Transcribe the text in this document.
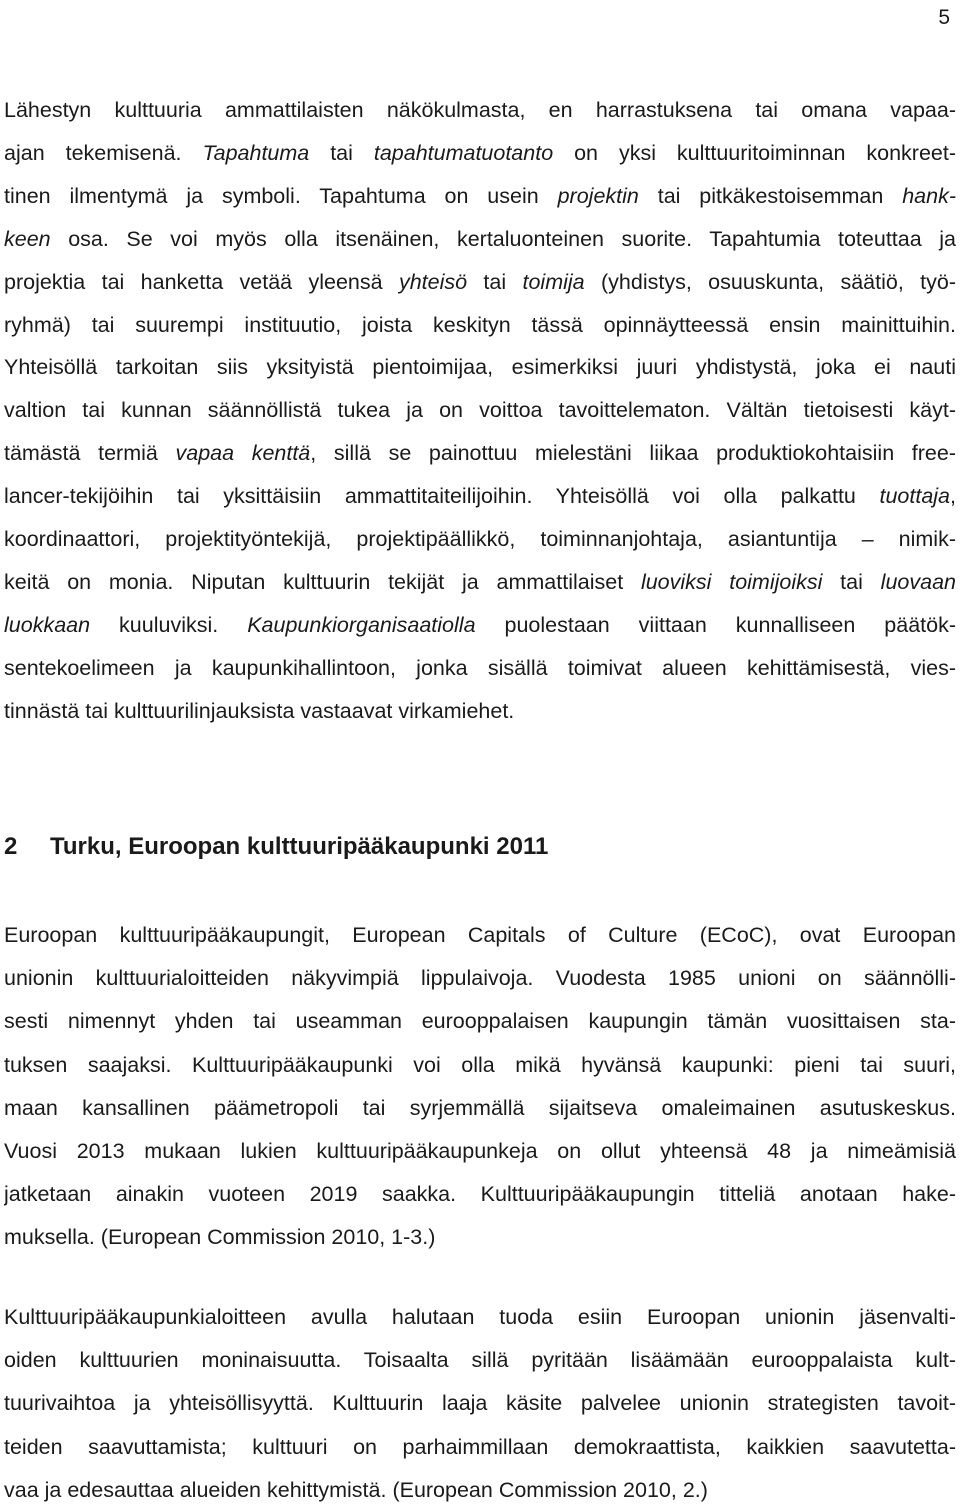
5
Lähestyn kulttuuria ammattilaisten näkökulmasta, en harrastuksena tai omana vapaa-
ajan tekemisenä. Tapahtuma tai tapahtumatuotanto on yksi kulttuuritoiminnan konkreet-
tinen ilmentymä ja symboli. Tapahtuma on usein projektin tai pitkäkestoisemman hank-
keen osa. Se voi myös olla itsenäinen, kertaluonteinen suorite. Tapahtumia toteuttaa ja
projektia tai hanketta vetää yleensä yhteisö tai toimija (yhdistys, osuuskunta, säätiö, työ-
ryhmä) tai suurempi instituutio, joista keskityn tässä opinnäytteessä ensin mainittuihin.
Yhteisöllä tarkoitan siis yksityistä pientoimijaa, esimerkiksi juuri yhdistystä, joka ei nauti
valtion tai kunnan säännöllistä tukea ja on voittoa tavoittelematon. Vältän tietoisesti käyt-
tämästä termiä vapaa kenttä, sillä se painottuu mielestäni liikaa produktiokohtaisiin free-
lancer-tekijöihin tai yksittäisiin ammattitaiteilijoihin. Yhteisöllä voi olla palkattu tuottaja,
koordinaattori, projektityöntekijä, projektipäällikkö, toiminnanjohtaja, asiantuntija – nimik-
keitä on monia. Niputan kulttuurin tekijät ja ammattilaiset luoviksi toimijoiksi tai luovaan
luokkaan kuuluviksi. Kaupunkiorganisaatiolla puolestaan viittaan kunnalliseen päätök-
sentekoelimeen ja kaupunkihallintoon, jonka sisällä toimivat alueen kehittämisestä, vies-
tinnästä tai kulttuurilinjauksista vastaavat virkamiehet.
2 Turku, Euroopan kulttuuripääkaupunki 2011
Euroopan kulttuuripääkaupungit, European Capitals of Culture (ECoC), ovat Euroopan
unionin kulttuurialoitteiden näkyvimpiä lippulaivoja. Vuodesta 1985 unioni on säännölli-
sesti nimennyt yhden tai useamman eurooppalaisen kaupungin tämän vuosittaisen sta-
tuksen saajaksi. Kulttuuripääkaupunki voi olla mikä hyvänsä kaupunki: pieni tai suuri,
maan kansallinen päämetropoli tai syrjemmällä sijaitseva omaleimainen asutuskeskus.
Vuosi 2013 mukaan lukien kulttuuripääkaupunkeja on ollut yhteensä 48 ja nimeämisiä
jatketaan ainakin vuoteen 2019 saakka. Kulttuuripääkaupungin titteliä anotaan hake-
muksella. (European Commission 2010, 1-3.)
Kulttuuripääkaupunkialoitteen avulla halutaan tuoda esiin Euroopan unionin jäsenvalti-
oiden kulttuurien moninaisuutta. Toisaalta sillä pyritään lisäämään eurooppalaista kult-
tuurivaihtoa ja yhteisöllisyyttä. Kulttuurin laaja käsite palvelee unionin strategisten tavoit-
teiden saavuttamista; kulttuuri on parhaimmillaan demokraattista, kaikkien saavutetta-
vaa ja edesauttaa alueiden kehittymistä. (European Commission 2010, 2.)
